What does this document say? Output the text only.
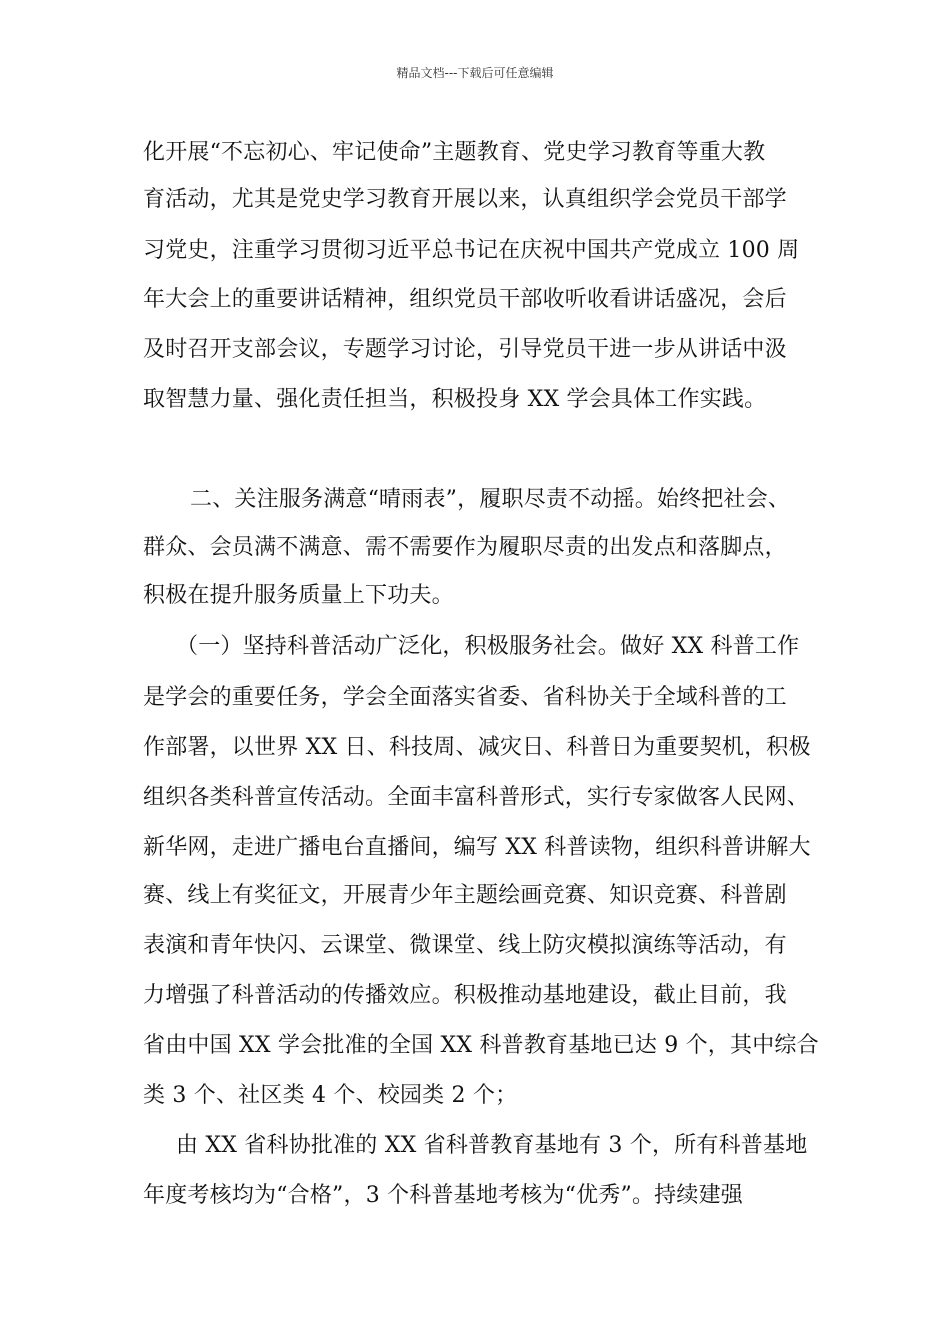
精品文档---下载后可任意编辑
化开展“不忘初心、牢记使命”主题教育、党史学习教育等重大教
育活动，尤其是党史学习教育开展以来，认真组织学会党员干部学
习党史，注重学习贯彻习近平总书记在庆祝中国共产党成立 100 周
年大会上的重要讲话精神，组织党员干部收听收看讲话盛况，会后
及时召开支部会议，专题学习讨论，引导党员干进一步从讲话中汲
取智慧力量、强化责任担当，积极投身 XX 学会具体工作实践。
二、关注服务满意“晴雨表”，履职尽责不动摇。始终把社会、
群众、会员满不满意、需不需要作为履职尽责的出发点和落脚点，
积极在提升服务质量上下功夫。
（一）坚持科普活动广泛化，积极服务社会。做好 XX 科普工作
是学会的重要任务，学会全面落实省委、省科协关于全域科普的工
作部署，以世界 XX 日、科技周、减灾日、科普日为重要契机，积极
组织各类科普宣传活动。全面丰富科普形式，实行专家做客人民网、
新华网，走进广播电台直播间，编写 XX 科普读物，组织科普讲解大
赛、线上有奖征文，开展青少年主题绘画竞赛、知识竞赛、科普剧
表演和青年快闪、云课堂、微课堂、线上防灾模拟演练等活动，有
力增强了科普活动的传播效应。积极推动基地建设，截止目前，我
省由中国 XX 学会批准的全国 XX 科普教育基地已达 9 个，其中综合
类 3 个、社区类 4 个、校园类 2 个；
由 XX 省科协批准的 XX 省科普教育基地有 3 个，所有科普基地
年度考核均为“合格”，3 个科普基地考核为“优秀”。持续建强
